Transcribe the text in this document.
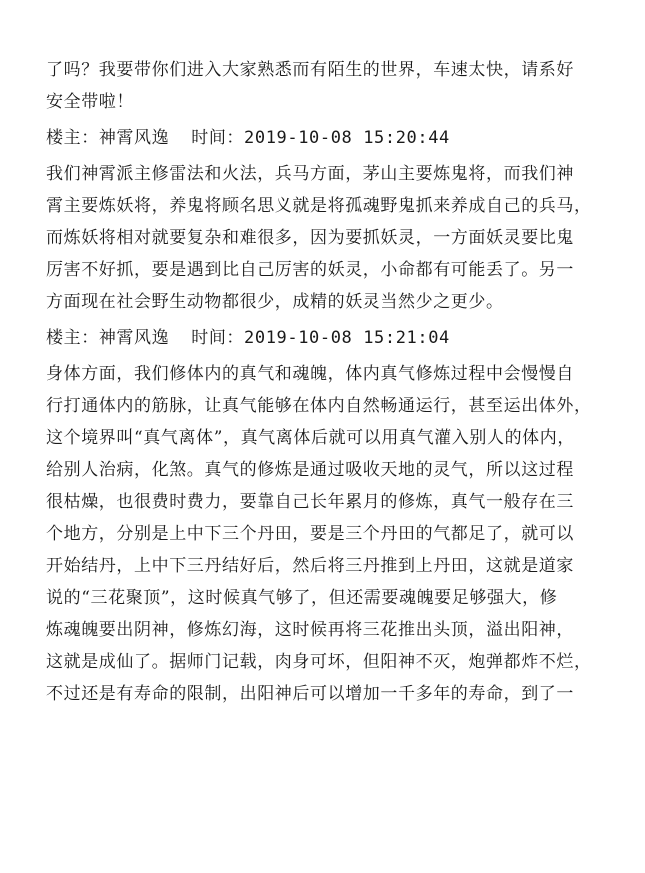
了吗？我要带你们进入大家熟悉而有陌生的世界，车速太快，请系好
安全带啦！
楼主：神霄风逸 时间：2019-10-08 15:20:44
我们神霄派主修雷法和火法，兵马方面，茅山主要炼鬼将，而我们神
霄主要炼妖将，养鬼将顾名思义就是将孤魂野鬼抓来养成自己的兵马，
而炼妖将相对就要复杂和难很多，因为要抓妖灵，一方面妖灵要比鬼
厉害不好抓，要是遇到比自己厉害的妖灵，小命都有可能丢了。另一
方面现在社会野生动物都很少，成精的妖灵当然少之更少。
楼主：神霄风逸 时间：2019-10-08 15:21:04
身体方面，我们修体内的真气和魂魄，体内真气修炼过程中会慢慢自
行打通体内的筋脉，让真气能够在体内自然畅通运行，甚至运出体外，
这个境界叫“真气离体”，真气离体后就可以用真气灌入别人的体内，
给别人治病，化煞。真气的修炼是通过吸收天地的灵气，所以这过程
很枯燥，也很费时费力，要靠自己长年累月的修炼，真气一般存在三
个地方，分别是上中下三个丹田，要是三个丹田的气都足了，就可以
开始结丹，上中下三丹结好后，然后将三丹推到上丹田，这就是道家
说的“三花聚顶”，这时候真气够了，但还需要魂魄要足够强大，修
炼魂魄要出阴神，修炼幻海，这时候再将三花推出头顶，溢出阳神，
这就是成仙了。据师门记载，肉身可坏，但阳神不灭，炮弹都炸不烂，
不过还是有寿命的限制，出阳神后可以增加一千多年的寿命，到了一
